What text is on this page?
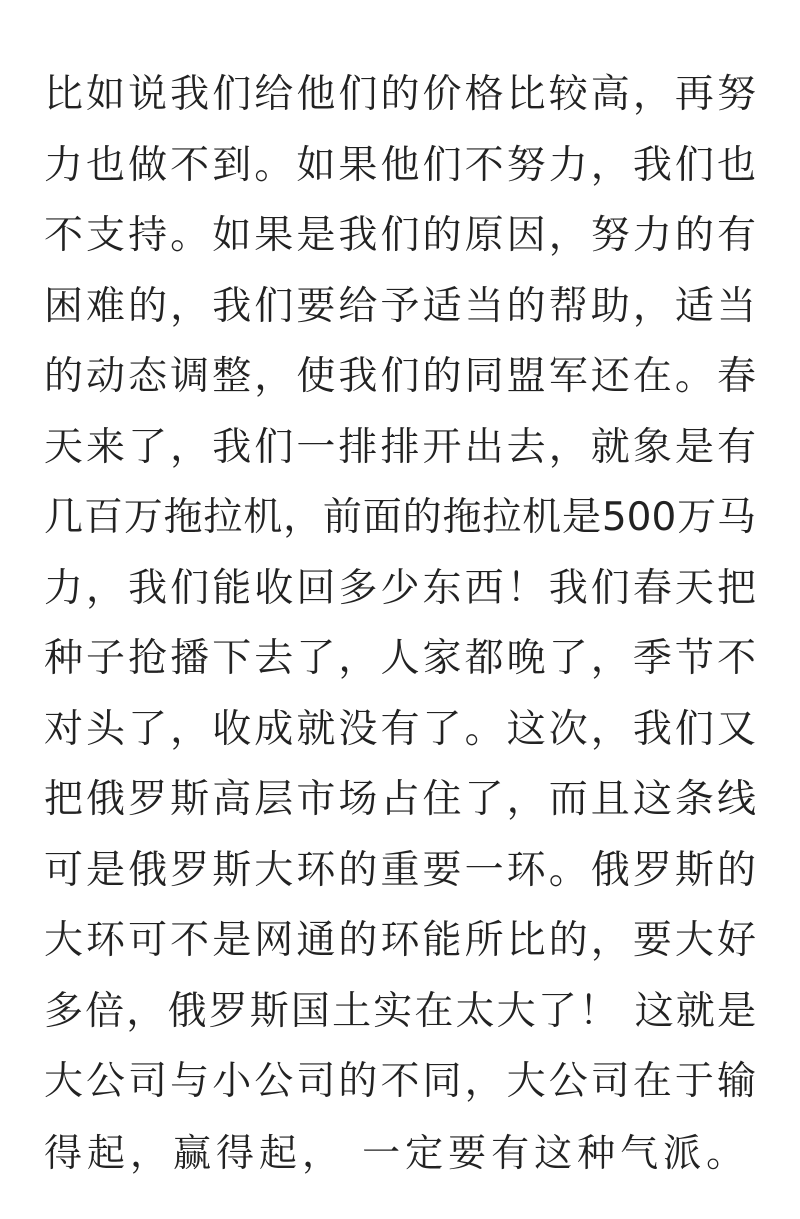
比如说我们给他们的价格比较高，再努
力也做不到。如果他们不努力，我们也
不支持。如果是我们的原因，努力的有
困难的，我们要给予适当的帮助，适当
的动态调整，使我们的同盟军还在。春
天来了，我们一排排开出去，就象是有
几百万拖拉机，前面的拖拉机是500万马
力，我们能收回多少东西！我们春天把
种子抢播下去了，人家都晚了，季节不
对头了，收成就没有了。这次，我们又
把俄罗斯高层市场占住了，而且这条线
可是俄罗斯大环的重要一环。俄罗斯的
大环可不是网通的环能所比的，要大好
多倍，俄罗斯国土实在太大了！ 这就是
大公司与小公司的不同，大公司在于输
得起，赢得起， 一定要有这种气派。
